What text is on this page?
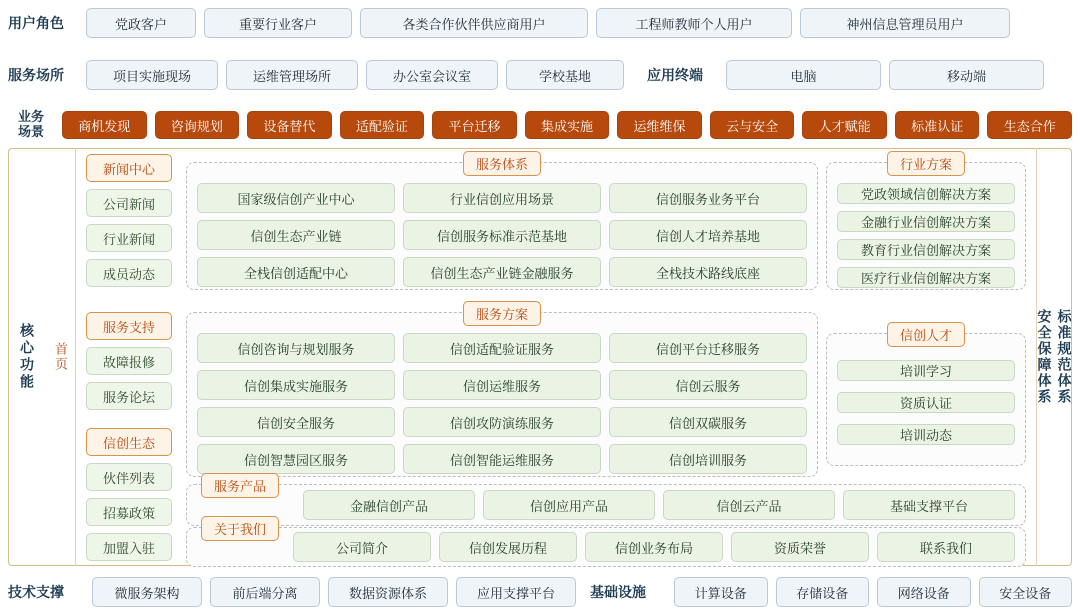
用户角色	党政客户	重要行业客户	各类合作伙伴供应商用户	工程师教师个人用户	神州信息管理员用户
服务场所	项目实施现场	运维管理场所	办公室会议室	学校基地	应用终端	电脑	移动端
业务
场景	商机发现	咨询规划	设备替代	适配验证	平台迁移	集成实施	运维维保	云与安全	人才赋能	标准认证	生态合作
核心功能 首页
新闻中心
公司新闻
行业新闻
成员动态
服务支持
故障报修
服务论坛
信创生态
伙伴列表
招募政策
加盟入驻
服务体系
国家级信创产业中心	行业信创应用场景	信创服务业务平台
信创生态产业链	信创服务标准示范基地	信创人才培养基地
全栈信创适配中心	信创生态产业链金融服务	全栈技术路线底座
服务方案
信创咨询与规划服务	信创适配验证服务	信创平台迁移服务
信创集成实施服务	信创运维服务	信创云服务
信创安全服务	信创攻防演练服务	信创双碳服务
信创智慧园区服务	信创智能运维服务	信创培训服务
行业方案
党政领域信创解决方案
金融行业信创解决方案
教育行业信创解决方案
医疗行业信创解决方案
信创人才
培训学习
资质认证
培训动态
服务产品
金融信创产品	信创应用产品	信创云产品	基础支撑平台
关于我们
公司简介	信创发展历程	信创业务布局	资质荣誉	联系我们
安全保障体系 标准规范体系
技术支撑	微服务架构	前后端分离	数据资源体系	应用支撑平台	基础设施	计算设备	存储设备	网络设备	安全设备
